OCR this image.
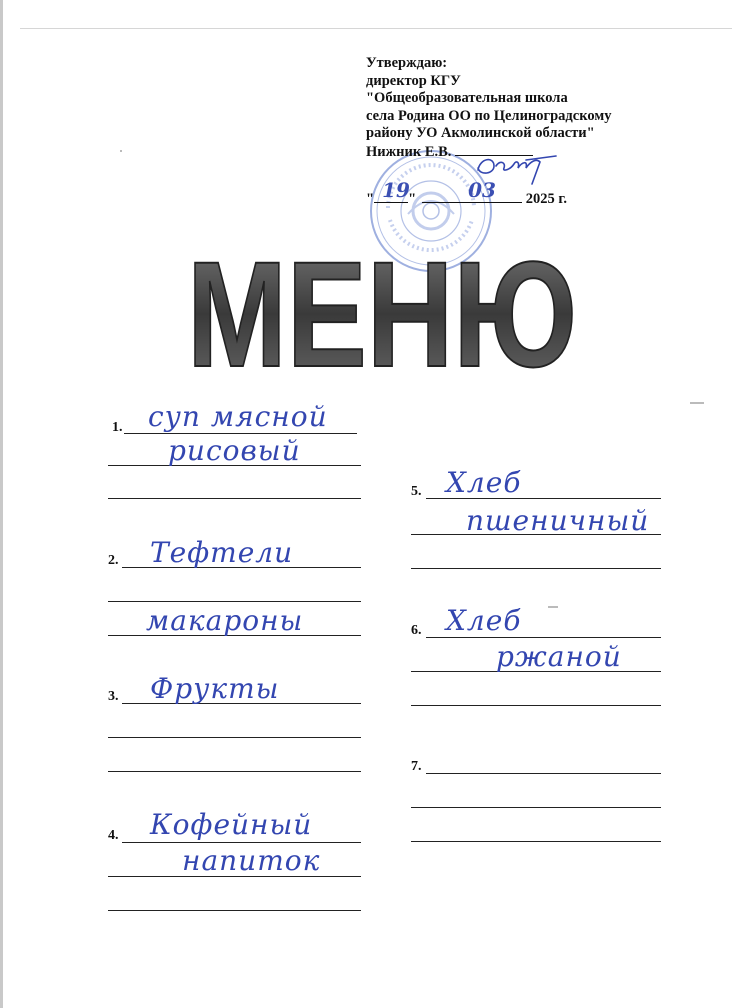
Утверждаю:
директор КГУ
"Общеобразовательная школа
села Родина ОО по Целиноградскому
району УО Акмолинской области"
Нижник Е.В.
" 19
"	03 2025 г.
МЕНЮ
1. суп мясной
рисовый
2. Тефтели
макароны
3. Фрукты
4. Кофейный
напиток
5. Хлеб
пшеничный
6. Хлеб
ржаной
7.
